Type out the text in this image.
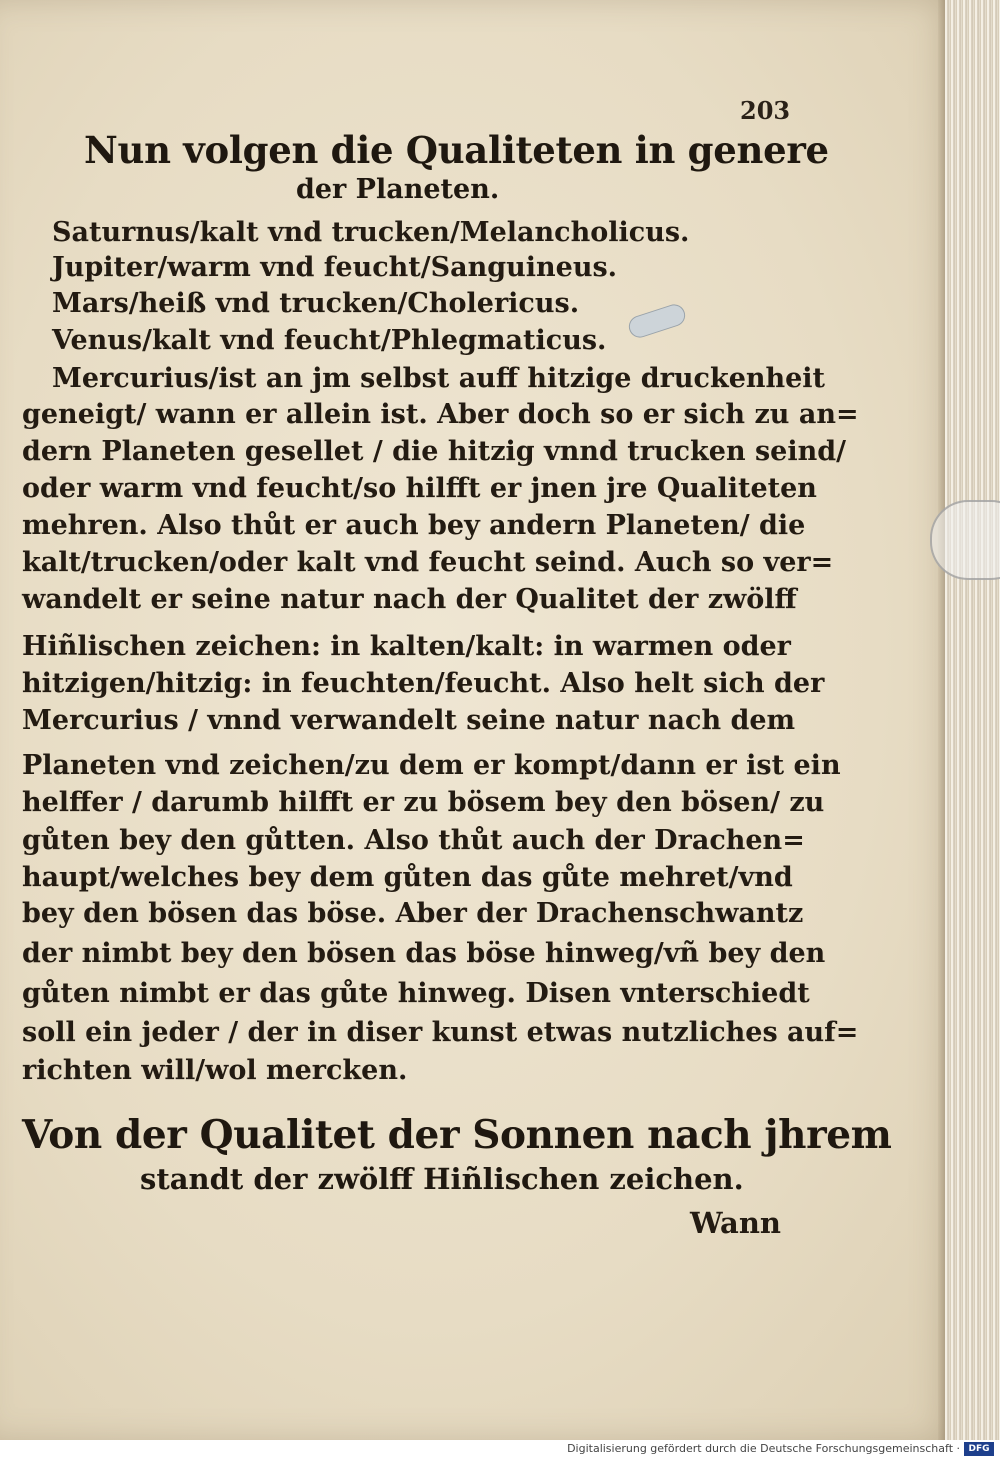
203
Nun volgen die Qualiteten in genere
der Planeten.
Saturnus/kalt vnd trucken/Melancholicus.
Jupiter/warm vnd feucht/Sanguineus.
Mars/heiß vnd trucken/Cholericus.
Venus/kalt vnd feucht/Phlegmaticus.
Mercurius/ist an jm selbst auff hitzige druckenheit
geneigt/ wann er allein ist. Aber doch so er sich zu an=
dern Planeten gesellet / die hitzig vnnd trucken seind/
oder warm vnd feucht/so hilfft er jnen jre Qualiteten
mehren. Also thůt er auch bey andern Planeten/ die
kalt/trucken/oder kalt vnd feucht seind. Auch so ver=
wandelt er seine natur nach der Qualitet der zwölff
Hiñlischen zeichen: in kalten/kalt: in warmen oder
hitzigen/hitzig: in feuchten/feucht. Also helt sich der
Mercurius / vnnd verwandelt seine natur nach dem
Planeten vnd zeichen/zu dem er kompt/dann er ist ein
helffer / darumb hilfft er zu bösem bey den bösen/ zu
gůten bey den gůtten. Also thůt auch der Drachen=
haupt/welches bey dem gůten das gůte mehret/vnd
bey den bösen das böse. Aber der Drachenschwantz
der nimbt bey den bösen das böse hinweg/vñ bey den
gůten nimbt er das gůte hinweg. Disen vnterschiedt
soll ein jeder / der in diser kunst etwas nutzliches auf=
richten will/wol mercken.
Von der Qualitet der Sonnen nach jhrem
standt der zwölff Hiñlischen zeichen.
Wann
Digitalisierung gefördert durch die Deutsche Forschungsgemeinschaft · DFG
